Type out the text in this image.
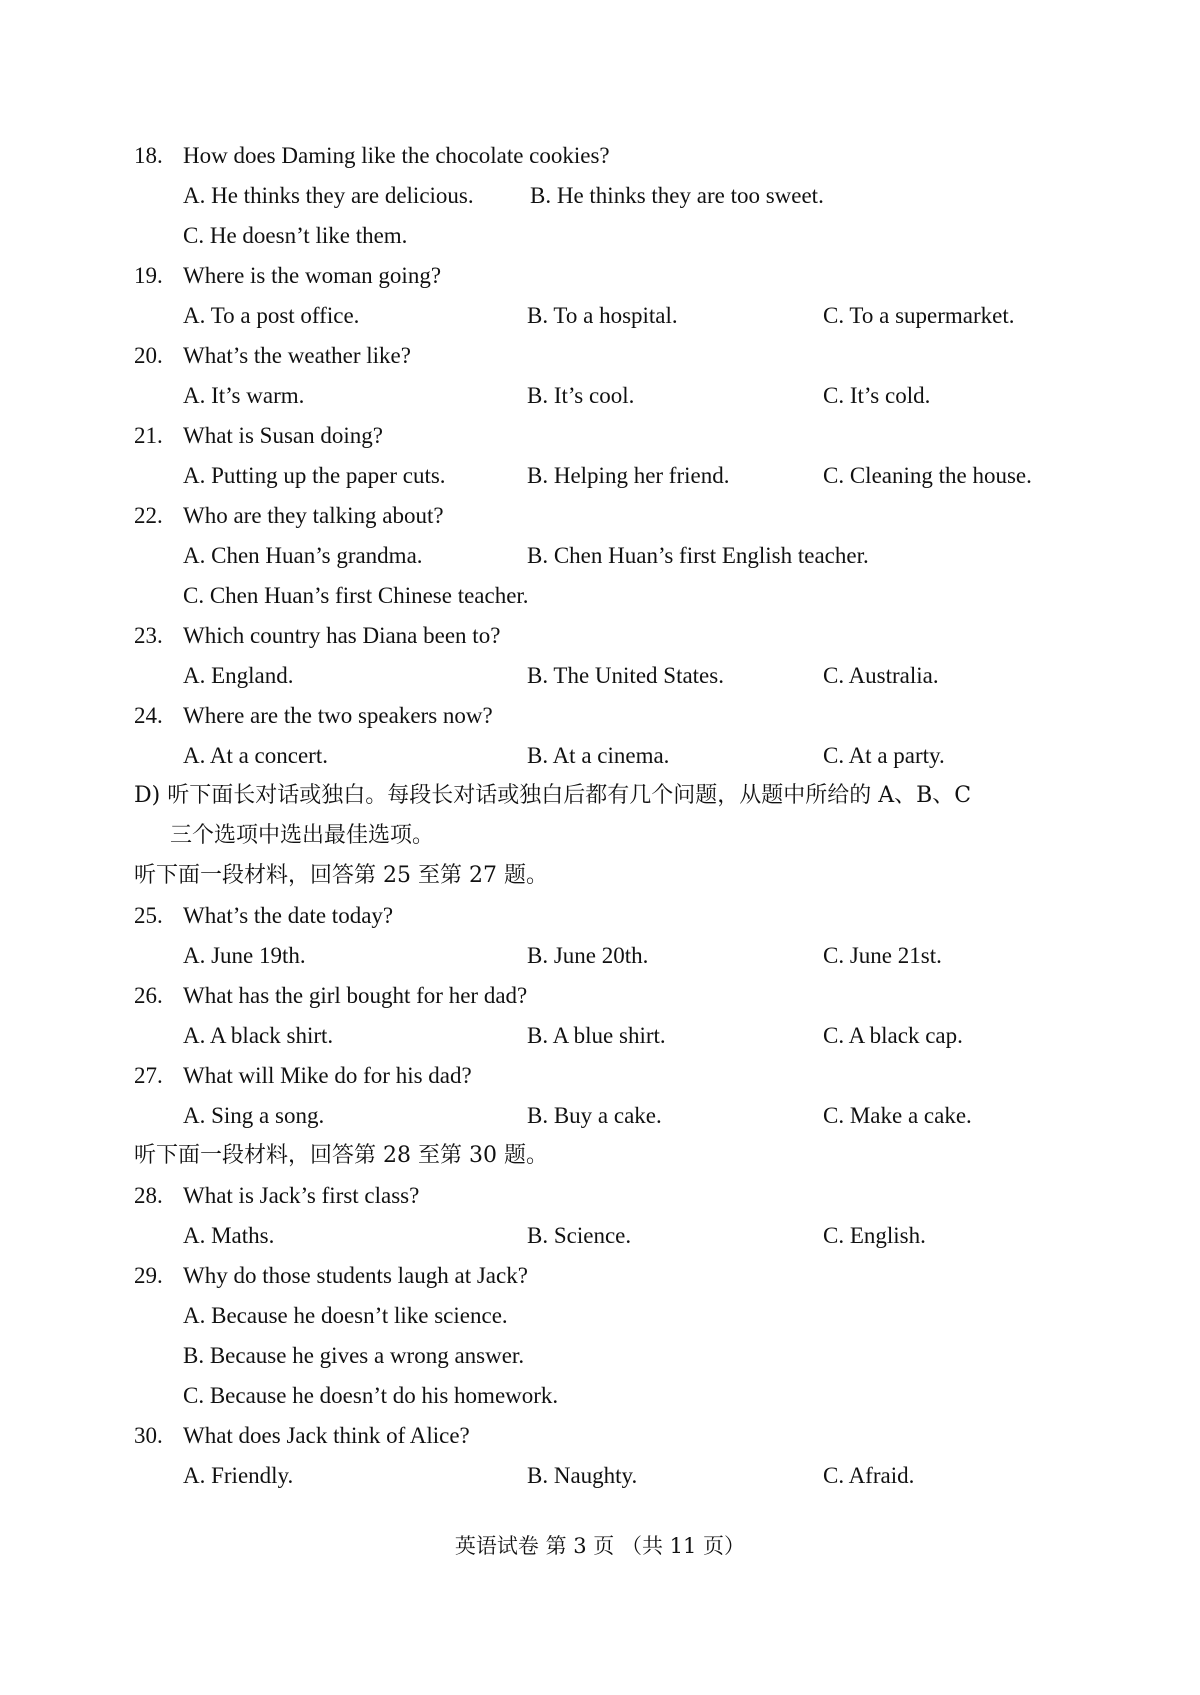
18. How does Daming like the chocolate cookies?
A. He thinks they are delicious. B. He thinks they are too sweet.
C. He doesn’t like them.
19. Where is the woman going?
A. To a post office.	B. To a hospital.	C. To a supermarket.
20. What’s the weather like?
A. It’s warm.	B. It’s cool.	C. It’s cold.
21. What is Susan doing?
A. Putting up the paper cuts.	B. Helping her friend.	C. Cleaning the house.
22. Who are they talking about?
A. Chen Huan’s grandma.	B. Chen Huan’s first English teacher.
C. Chen Huan’s first Chinese teacher.
23. Which country has Diana been to?
A. England.	B. The United States.	C. Australia.
24. Where are the two speakers now?
A. At a concert.	B. At a cinema.	C. At a party.
D) 听下面长对话或独白。每段长对话或独白后都有几个问题，从题中所给的 A、B、C
三个选项中选出最佳选项。
听下面一段材料，回答第 25 至第 27 题。
25. What’s the date today?
A. June 19th.	B. June 20th.	C. June 21st.
26. What has the girl bought for her dad?
A. A black shirt.	B. A blue shirt.	C. A black cap.
27. What will Mike do for his dad?
A. Sing a song.	B. Buy a cake.	C. Make a cake.
听下面一段材料，回答第 28 至第 30 题。
28. What is Jack’s first class?
A. Maths.	B. Science.	C. English.
29. Why do those students laugh at Jack?
A. Because he doesn’t like science.
B. Because he gives a wrong answer.
C. Because he doesn’t do his homework.
30. What does Jack think of Alice?
A. Friendly.	B. Naughty.	C. Afraid.
英语试卷 第 3 页 （共 11 页）
